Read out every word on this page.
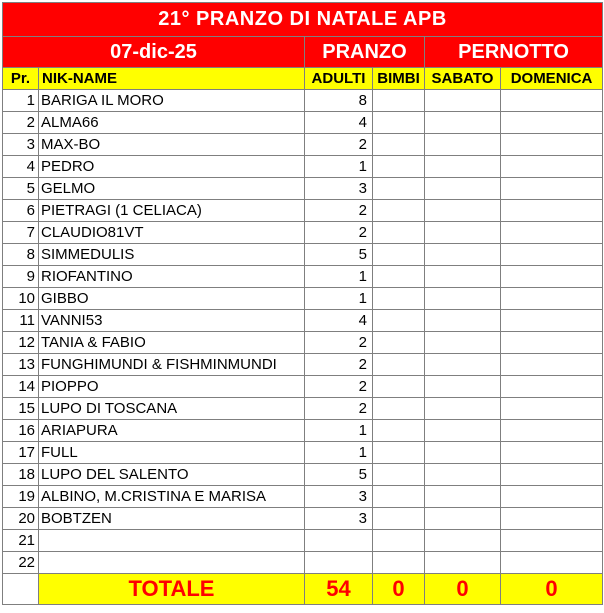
21° PRANZO DI NATALE APB					
07-dic-25		PRANZO		PERNOTTO	
Pr.	NIK-NAME	ADULTI	BIMBI	SABATO	DOMENICA
1	BARIGA IL MORO	8			
2	ALMA66	4			
3	MAX-BO	2			
4	PEDRO	1			
5	GELMO	3			
6	PIETRAGI (1 CELIACA)	2			
7	CLAUDIO81VT	2			
8	SIMMEDULIS	5			
9	RIOFANTINO	1			
10	GIBBO	1			
11	VANNI53	4			
12	TANIA & FABIO	2			
13	FUNGHIMUNDI & FISHMINMUNDI	2			
14	PIOPPO	2			
15	LUPO DI TOSCANA	2			
16	ARIAPURA	1			
17	FULL	1			
18	LUPO DEL SALENTO	5			
19	ALBINO, M.CRISTINA E MARISA	3			
20	BOBTZEN	3			
21					
22					
	TOTALE	54	0	0	0
